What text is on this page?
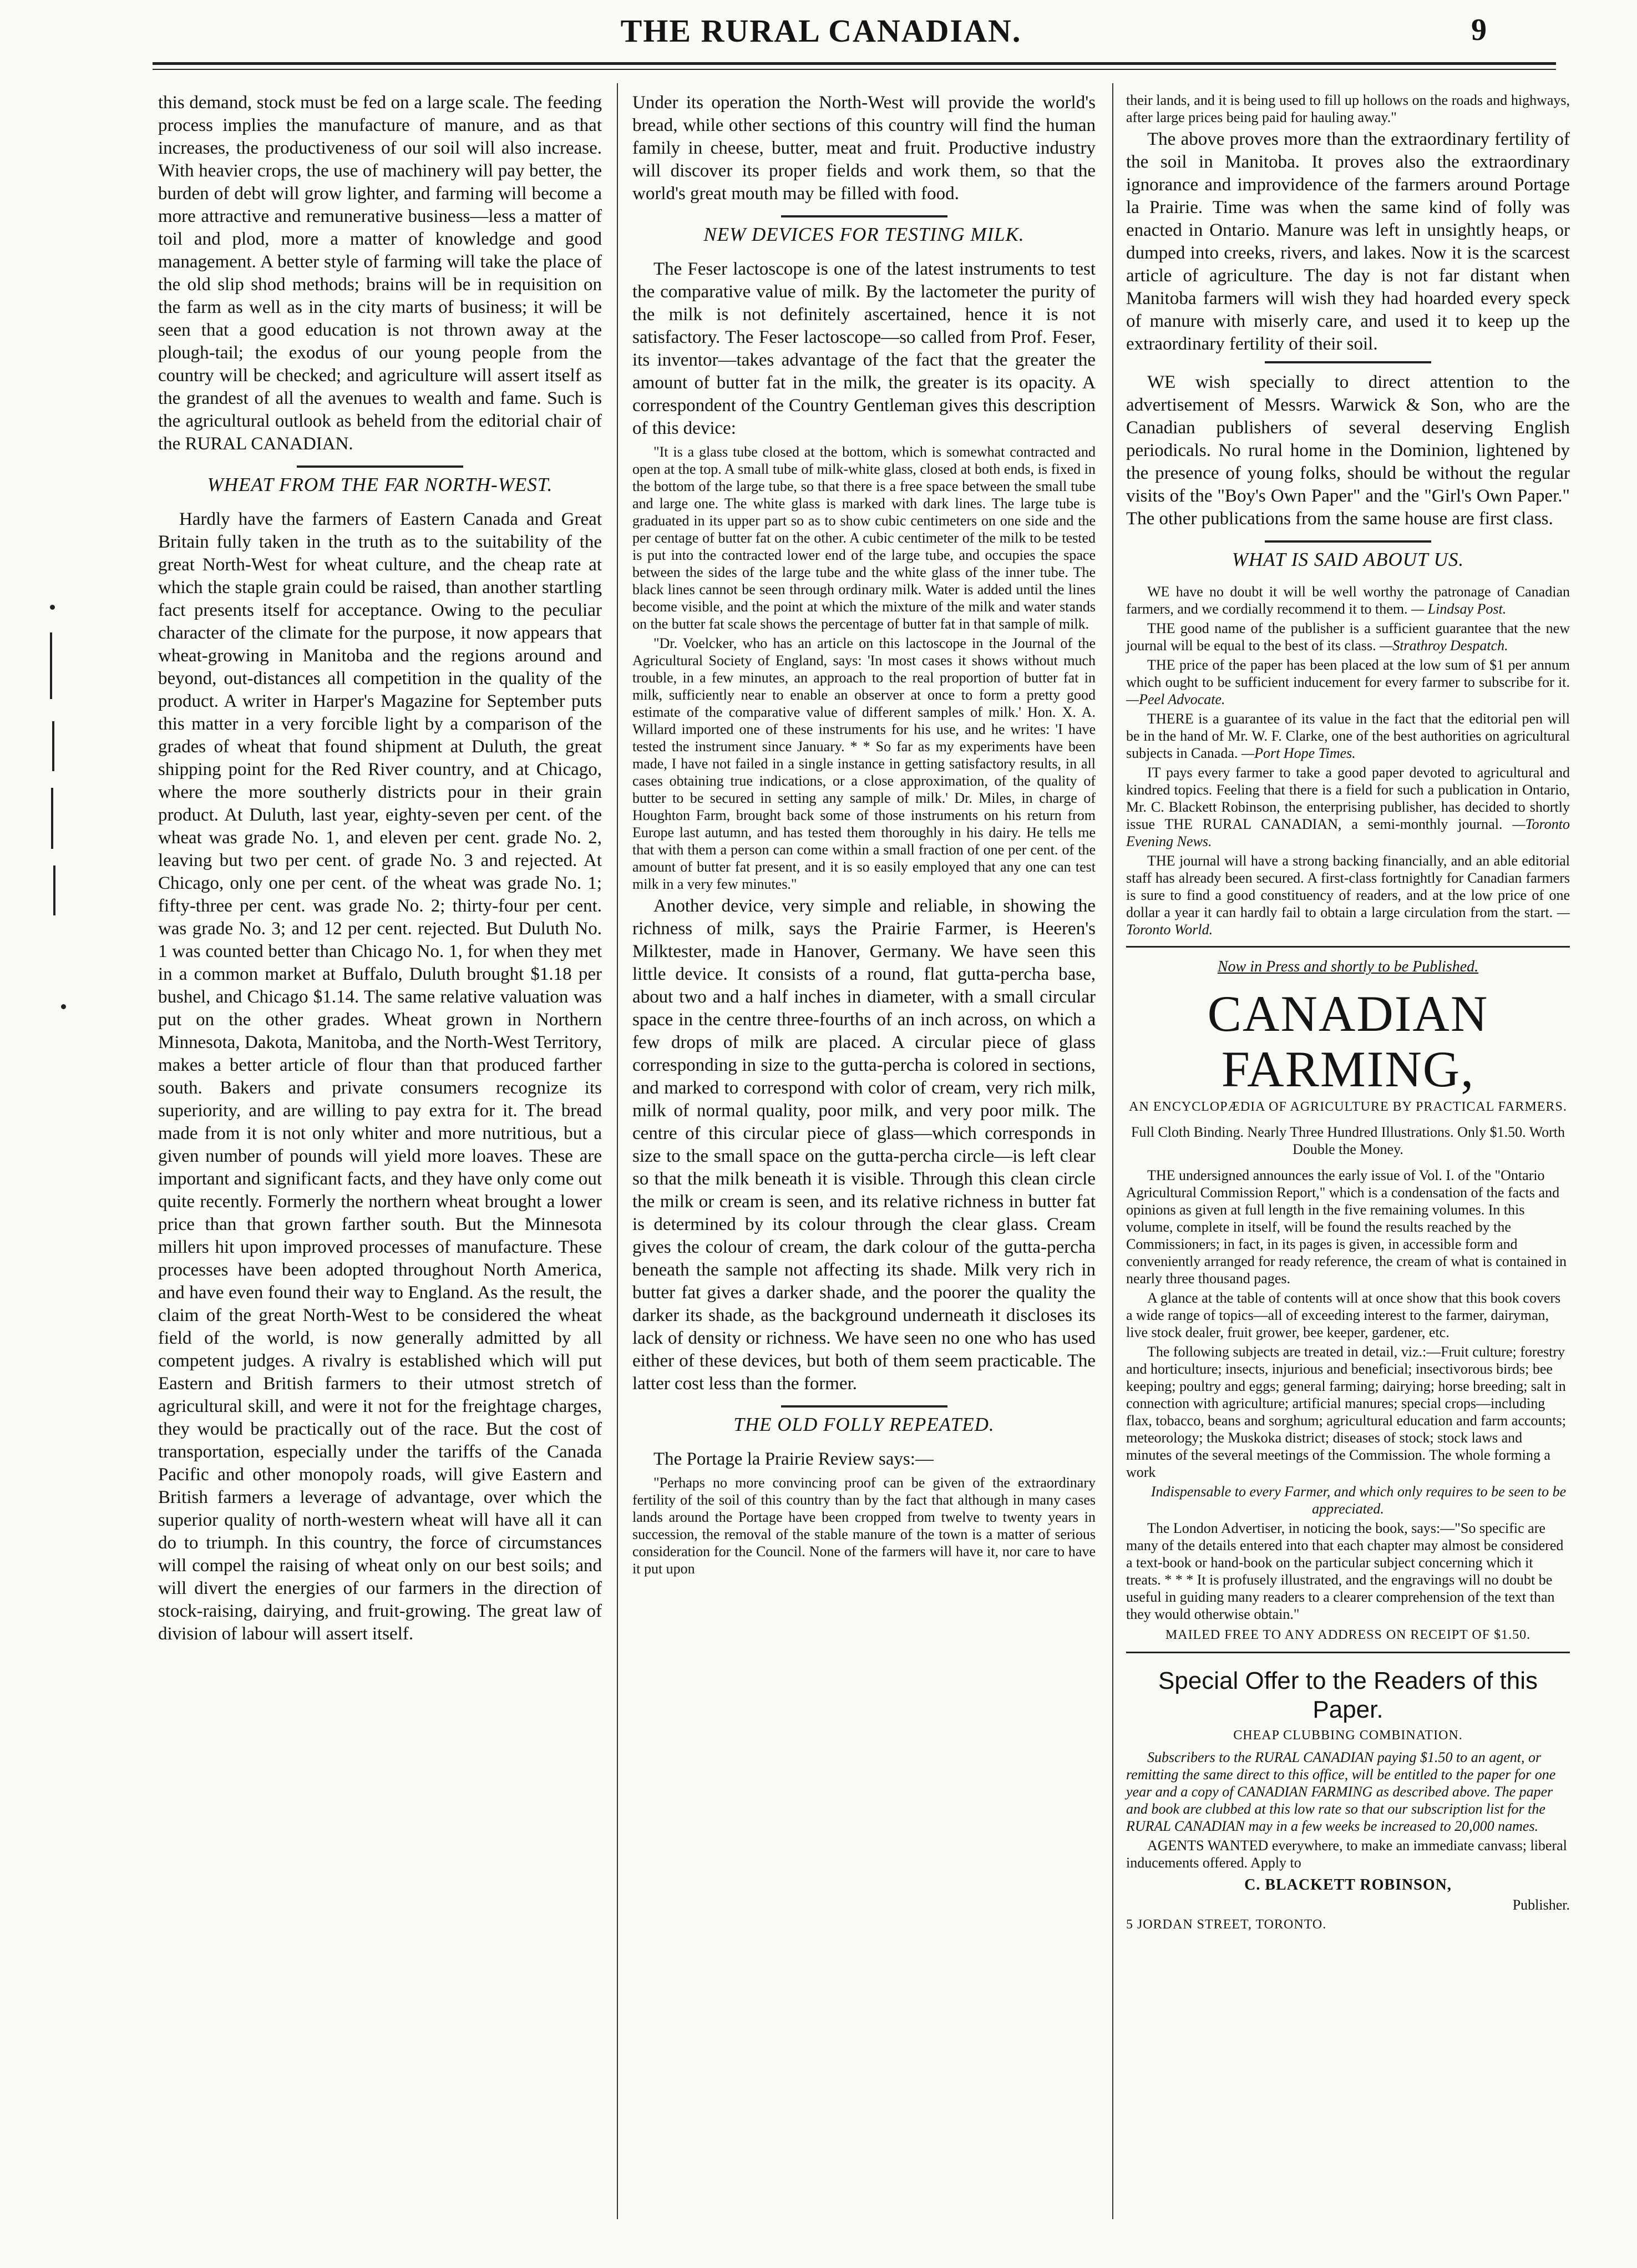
THE RURAL CANADIAN.	9

this demand, stock must be fed on a large scale. The feeding process implies the manufacture of manure, and as that increases, the productiveness of our soil will also increase. With heavier crops, the use of machinery will pay better, the burden of debt will grow lighter, and farming will become a more attractive and remunerative business—less a matter of toil and plod, more a matter of knowledge and good management. A better style of farming will take the place of the old slip shod methods; brains will be in requisition on the farm as well as in the city marts of business; it will be seen that a good education is not thrown away at the plough-tail; the exodus of our young people from the country will be checked; and agriculture will assert itself as the grandest of all the avenues to wealth and fame. Such is the agricultural outlook as beheld from the editorial chair of the RURAL CANADIAN.

WHEAT FROM THE FAR NORTH-WEST.

Hardly have the farmers of Eastern Canada and Great Britain fully taken in the truth as to the suitability of the great North-West for wheat culture, and the cheap rate at which the staple grain could be raised, than another startling fact presents itself for acceptance. Owing to the peculiar character of the climate for the purpose, it now appears that wheat-growing in Manitoba and the regions around and beyond, out-distances all competition in the quality of the product. A writer in Harper's Magazine for September puts this matter in a very forcible light by a comparison of the grades of wheat that found shipment at Duluth, the great shipping point for the Red River country, and at Chicago, where the more southerly districts pour in their grain product. At Duluth, last year, eighty-seven per cent. of the wheat was grade No. 1, and eleven per cent. grade No. 2, leaving but two per cent. of grade No. 3 and rejected. At Chicago, only one per cent. of the wheat was grade No. 1; fifty-three per cent. was grade No. 2; thirty-four per cent. was grade No. 3; and 12 per cent. rejected. But Duluth No. 1 was counted better than Chicago No. 1, for when they met in a common market at Buffalo, Duluth brought $1.18 per bushel, and Chicago $1.14. The same relative valuation was put on the other grades. Wheat grown in Northern Minnesota, Dakota, Manitoba, and the North-West Territory, makes a better article of flour than that produced farther south. Bakers and private consumers recognize its superiority, and are willing to pay extra for it. The bread made from it is not only whiter and more nutritious, but a given number of pounds will yield more loaves. These are important and significant facts, and they have only come out quite recently. Formerly the northern wheat brought a lower price than that grown farther south. But the Minnesota millers hit upon improved processes of manufacture. These processes have been adopted throughout North America, and have even found their way to England. As the result, the claim of the great North-West to be considered the wheat field of the world, is now generally admitted by all competent judges. A rivalry is established which will put Eastern and British farmers to their utmost stretch of agricultural skill, and were it not for the freightage charges, they would be practically out of the race. But the cost of transportation, especially under the tariffs of the Canada Pacific and other monopoly roads, will give Eastern and British farmers a leverage of advantage, over which the superior quality of north-western wheat will have all it can do to triumph. In this country, the force of circumstances will compel the raising of wheat only on our best soils; and will divert the energies of our farmers in the direction of stock-raising, dairying, and fruit-growing. The great law of division of labour will assert itself.

Under its operation the North-West will provide the world's bread, while other sections of this country will find the human family in cheese, butter, meat and fruit. Productive industry will discover its proper fields and work them, so that the world's great mouth may be filled with food.

NEW DEVICES FOR TESTING MILK.

The Feser lactoscope is one of the latest instruments to test the comparative value of milk. By the lactometer the purity of the milk is not definitely ascertained, hence it is not satisfactory. The Feser lactoscope—so called from Prof. Feser, its inventor—takes advantage of the fact that the greater the amount of butter fat in the milk, the greater is its opacity. A correspondent of the Country Gentleman gives this description of this device:

"It is a glass tube closed at the bottom, which is somewhat contracted and open at the top. A small tube of milk-white glass, closed at both ends, is fixed in the bottom of the large tube, so that there is a free space between the small tube and large one. The white glass is marked with dark lines. The large tube is graduated in its upper part so as to show cubic centimeters on one side and the per centage of butter fat on the other. A cubic centimeter of the milk to be tested is put into the contracted lower end of the large tube, and occupies the space between the sides of the large tube and the white glass of the inner tube. The black lines cannot be seen through ordinary milk. Water is added until the lines become visible, and the point at which the mixture of the milk and water stands on the butter fat scale shows the percentage of butter fat in that sample of milk.

"Dr. Voelcker, who has an article on this lactoscope in the Journal of the Agricultural Society of England, says: 'In most cases it shows without much trouble, in a few minutes, an approach to the real proportion of butter fat in milk, sufficiently near to enable an observer at once to form a pretty good estimate of the comparative value of different samples of milk.' Hon. X. A. Willard imported one of these instruments for his use, and he writes: 'I have tested the instrument since January. * * So far as my experiments have been made, I have not failed in a single instance in getting satisfactory results, in all cases obtaining true indications, or a close approximation, of the quality of butter to be secured in setting any sample of milk.' Dr. Miles, in charge of Houghton Farm, brought back some of those instruments on his return from Europe last autumn, and has tested them thoroughly in his dairy. He tells me that with them a person can come within a small fraction of one per cent. of the amount of butter fat present, and it is so easily employed that any one can test milk in a very few minutes."

Another device, very simple and reliable, in showing the richness of milk, says the Prairie Farmer, is Heeren's Milktester, made in Hanover, Germany. We have seen this little device. It consists of a round, flat gutta-percha base, about two and a half inches in diameter, with a small circular space in the centre three-fourths of an inch across, on which a few drops of milk are placed. A circular piece of glass corresponding in size to the gutta-percha is colored in sections, and marked to correspond with color of cream, very rich milk, milk of normal quality, poor milk, and very poor milk. The centre of this circular piece of glass—which corresponds in size to the small space on the gutta-percha circle—is left clear so that the milk beneath it is visible. Through this clean circle the milk or cream is seen, and its relative richness in butter fat is determined by its colour through the clear glass. Cream gives the colour of cream, the dark colour of the gutta-percha beneath the sample not affecting its shade. Milk very rich in butter fat gives a darker shade, and the poorer the quality the darker its shade, as the background underneath it discloses its lack of density or richness. We have seen no one who has used either of these devices, but both of them seem practicable. The latter cost less than the former.

THE OLD FOLLY REPEATED.

The Portage la Prairie Review says:—

"Perhaps no more convincing proof can be given of the extraordinary fertility of the soil of this country than by the fact that although in many cases lands around the Portage have been cropped from twelve to twenty years in succession, the removal of the stable manure of the town is a matter of serious consideration for the Council. None of the farmers will have it, nor care to have it put upon

their lands, and it is being used to fill up hollows on the roads and highways, after large prices being paid for hauling away."

The above proves more than the extraordinary fertility of the soil in Manitoba. It proves also the extraordinary ignorance and improvidence of the farmers around Portage la Prairie. Time was when the same kind of folly was enacted in Ontario. Manure was left in unsightly heaps, or dumped into creeks, rivers, and lakes. Now it is the scarcest article of agriculture. The day is not far distant when Manitoba farmers will wish they had hoarded every speck of manure with miserly care, and used it to keep up the extraordinary fertility of their soil.

WE wish specially to direct attention to the advertisement of Messrs. Warwick & Son, who are the Canadian publishers of several deserving English periodicals. No rural home in the Dominion, lightened by the presence of young folks, should be without the regular visits of the "Boy's Own Paper" and the "Girl's Own Paper." The other publications from the same house are first class.

WHAT IS SAID ABOUT US.

WE have no doubt it will be well worthy the patronage of Canadian farmers, and we cordially recommend it to them. — Lindsay Post.

THE good name of the publisher is a sufficient guarantee that the new journal will be equal to the best of its class. —Strathroy Despatch.

THE price of the paper has been placed at the low sum of $1 per annum which ought to be sufficient inducement for every farmer to subscribe for it. —Peel Advocate.

THERE is a guarantee of its value in the fact that the editorial pen will be in the hand of Mr. W. F. Clarke, one of the best authorities on agricultural subjects in Canada. —Port Hope Times.

IT pays every farmer to take a good paper devoted to agricultural and kindred topics. Feeling that there is a field for such a publication in Ontario, Mr. C. Blackett Robinson, the enterprising publisher, has decided to shortly issue THE RURAL CANADIAN, a semi-monthly journal. —Toronto Evening News.

THE journal will have a strong backing financially, and an able editorial staff has already been secured. A first-class fortnightly for Canadian farmers is sure to find a good constituency of readers, and at the low price of one dollar a year it can hardly fail to obtain a large circulation from the start. —Toronto World.

Now in Press and shortly to be Published.
CANADIAN FARMING,
AN ENCYCLOPÆDIA OF AGRICULTURE BY PRACTICAL FARMERS.
Full Cloth Binding. Nearly Three Hundred Illustrations. Only $1.50. Worth Double the Money.

THE undersigned announces the early issue of Vol. I. of the "Ontario Agricultural Commission Report," which is a condensation of the facts and opinions as given at full length in the five remaining volumes. In this volume, complete in itself, will be found the results reached by the Commissioners; in fact, in its pages is given, in accessible form and conveniently arranged for ready reference, the cream of what is contained in nearly three thousand pages.

A glance at the table of contents will at once show that this book covers a wide range of topics—all of exceeding interest to the farmer, dairyman, live stock dealer, fruit grower, bee keeper, gardener, etc.

The following subjects are treated in detail, viz.:—Fruit culture; forestry and horticulture; insects, injurious and beneficial; insectivorous birds; bee keeping; poultry and eggs; general farming; dairying; horse breeding; salt in connection with agriculture; artificial manures; special crops—including flax, tobacco, beans and sorghum; agricultural education and farm accounts; meteorology; the Muskoka district; diseases of stock; stock laws and minutes of the several meetings of the Commission. The whole forming a work

Indispensable to every Farmer, and which only requires to be seen to be appreciated.

The London Advertiser, in noticing the book, says:—"So specific are many of the details entered into that each chapter may almost be considered a text-book or hand-book on the particular subject concerning which it treats. * * * It is profusely illustrated, and the engravings will no doubt be useful in guiding many readers to a clearer comprehension of the text than they would otherwise obtain."

MAILED FREE TO ANY ADDRESS ON RECEIPT OF $1.50.
Special Offer to the Readers of this Paper.
CHEAP CLUBBING COMBINATION.

Subscribers to the RURAL CANADIAN paying $1.50 to an agent, or remitting the same direct to this office, will be entitled to the paper for one year and a copy of CANADIAN FARMING as described above. The paper and book are clubbed at this low rate so that our subscription list for the RURAL CANADIAN may in a few weeks be increased to 20,000 names.

AGENTS WANTED everywhere, to make an immediate canvass; liberal inducements offered. Apply to

C. BLACKETT ROBINSON,
Publisher.
5 JORDAN STREET, TORONTO.
